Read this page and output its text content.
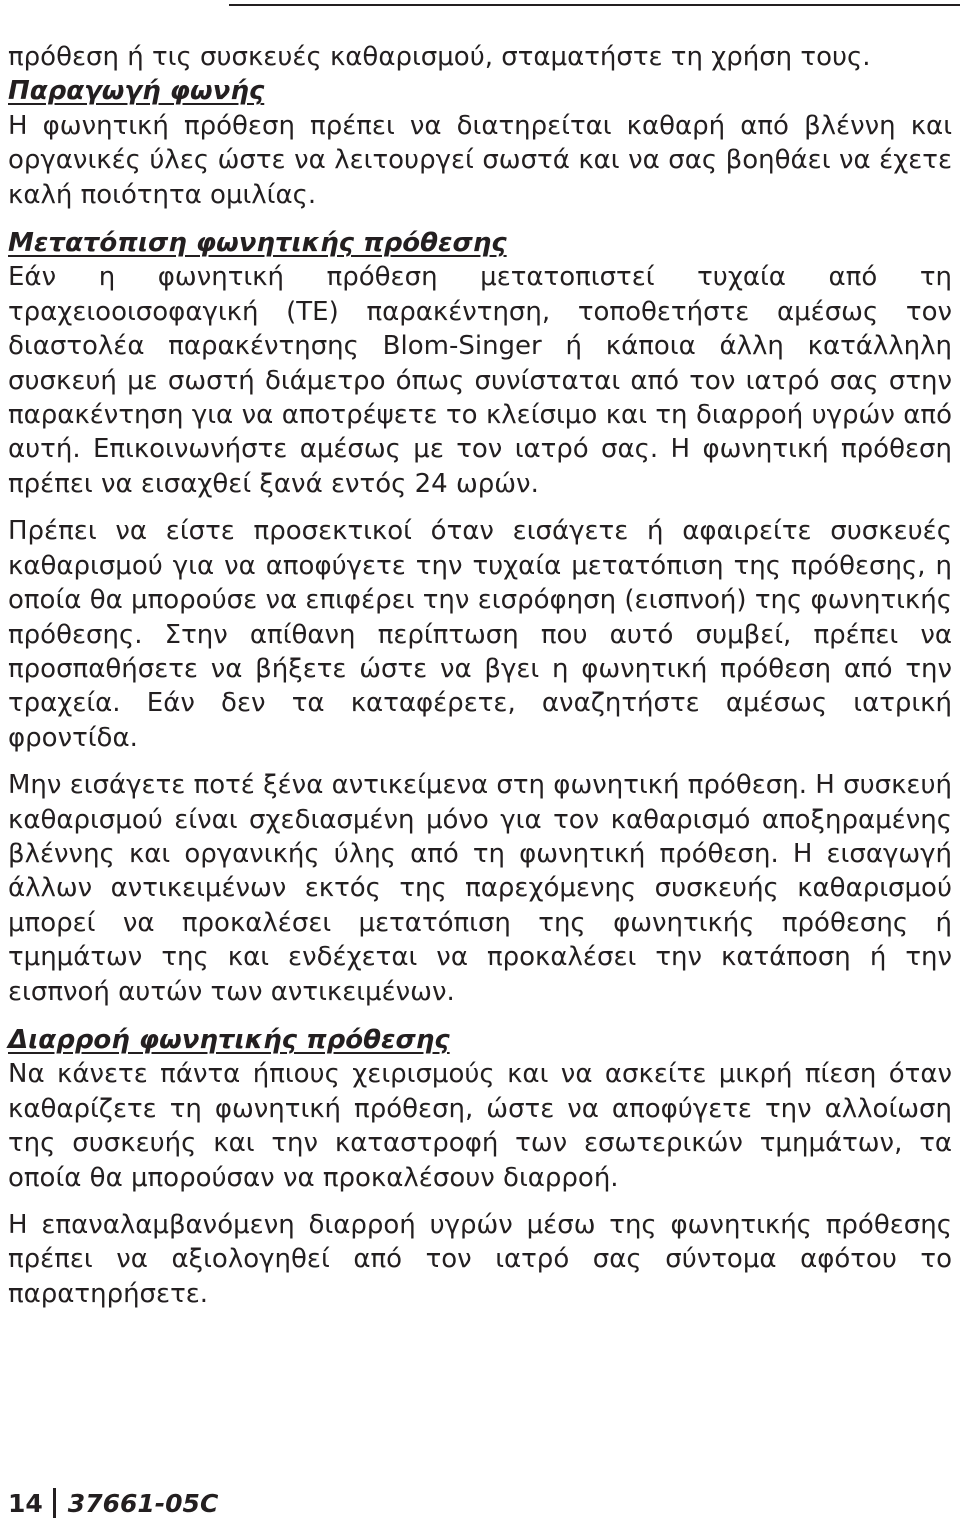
πρόθεση ή τις συσκευές καθαρισμού, σταματήστε τη χρήση τους.

Παραγωγή φωνής

Η φωνητική πρόθεση πρέπει να διατηρείται καθαρή από βλέννη και οργανικές ύλες ώστε να λειτουργεί σωστά και να σας βοηθάει να έχετε καλή ποιότητα ομιλίας.

Μετατόπιση φωνητικής πρόθεσης

Εάν η φωνητική πρόθεση μετατοπιστεί τυχαία από τη τραχειοοισοφαγική (ΤΕ) παρακέντηση, τοποθετήστε αμέσως τον διαστολέα παρακέντησης Blom-Singer ή κάποια άλλη κατάλληλη συσκευή με σωστή διάμετρο όπως συνίσταται από τον ιατρό σας στην παρακέντηση για να αποτρέψετε το κλείσιμο και τη διαρροή υγρών από αυτή. Επικοινωνήστε αμέσως με τον ιατρό σας. Η φωνητική πρόθεση πρέπει να εισαχθεί ξανά εντός 24 ωρών.

Πρέπει να είστε προσεκτικοί όταν εισάγετε ή αφαιρείτε συσκευές καθαρισμού για να αποφύγετε την τυχαία μετατόπιση της πρόθεσης, η οποία θα μπορούσε να επιφέρει την εισρόφηση (εισπνοή) της φωνητικής πρόθεσης. Στην απίθανη περίπτωση που αυτό συμβεί, πρέπει να προσπαθήσετε να βήξετε ώστε να βγει η φωνητική πρόθεση από την τραχεία. Εάν δεν τα καταφέρετε, αναζητήστε αμέσως ιατρική φροντίδα.

Μην εισάγετε ποτέ ξένα αντικείμενα στη φωνητική πρόθεση. Η συσκευή καθαρισμού είναι σχεδιασμένη μόνο για τον καθαρισμό αποξηραμένης βλέννης και οργανικής ύλης από τη φωνητική πρόθεση. Η εισαγωγή άλλων αντικειμένων εκτός της παρεχόμενης συσκευής καθαρισμού μπορεί να προκαλέσει μετατόπιση της φωνητικής πρόθεσης ή τμημάτων της και ενδέχεται να προκαλέσει την κατάποση ή την εισπνοή αυτών των αντικειμένων.

Διαρροή φωνητικής πρόθεσης

Να κάνετε πάντα ήπιους χειρισμούς και να ασκείτε μικρή πίεση όταν καθαρίζετε τη φωνητική πρόθεση, ώστε να αποφύγετε την αλλοίωση της συσκευής και την καταστροφή των εσωτερικών τμημάτων, τα οποία θα μπορούσαν να προκαλέσουν διαρροή.

Η επαναλαμβανόμενη διαρροή υγρών μέσω της φωνητικής πρόθεσης πρέπει να αξιολογηθεί από τον ιατρό σας σύντομα αφότου το παρατηρήσετε.

14 37661-05C
